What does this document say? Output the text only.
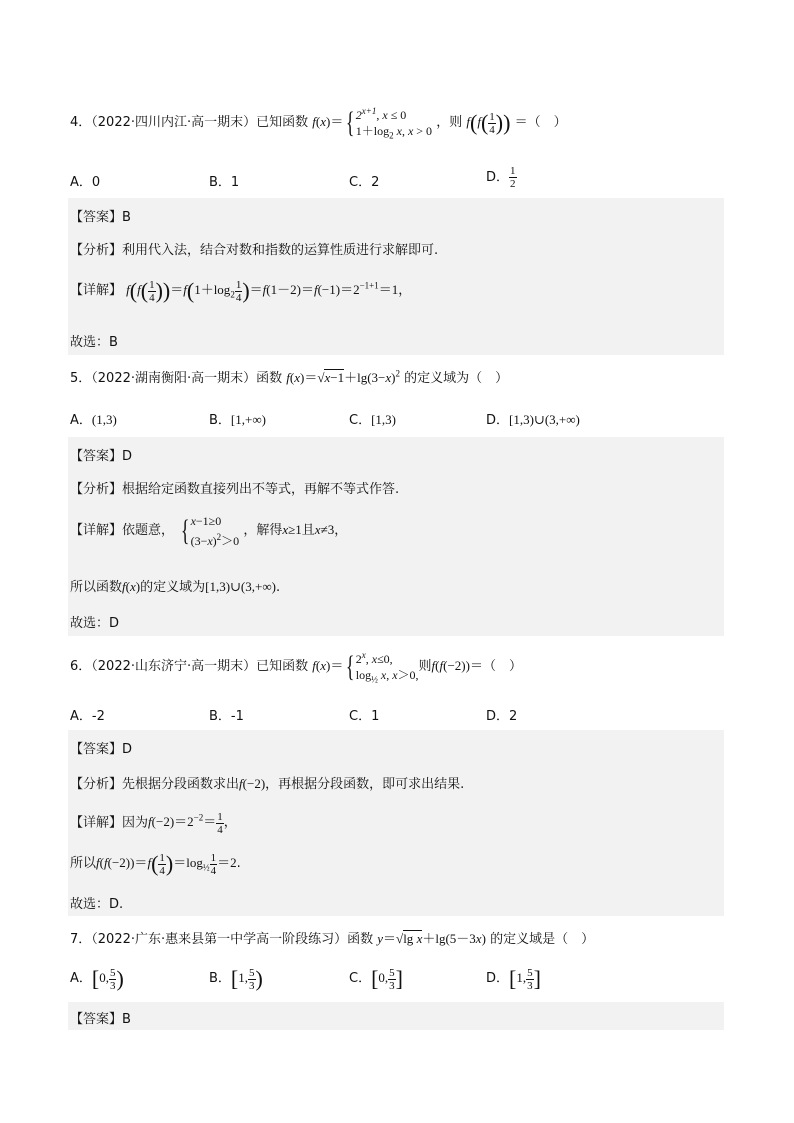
4．（2022·四川内江·高一期末）已知函数 f(x)＝{ $2^{x+1}$, x ≤ 0
$1+\log_2$ x, x > 0
，则 $f(f( \frac{1}{4}$ )) ＝（　）
A．0	B．1	C．2	D． $\frac{1}{2}$
【答案】B
【分析】利用代入法，结合对数和指数的运算性质进行求解即可.
【详解】 $f(f( \frac{1}{4} ))=f(1+\log_2 \frac{1}{4} )=f(1-2)=f(-1)=2^{-1+1}=1$，
故选：B
5．（2022·湖南衡阳·高一期末）函数 $f(x)=√x-1+\lg(3-x)^2$ 的定义域为（　）
A．(1,3)	B．[1,+∞)	C．[1,3)	D．[1,3)∪(3,+∞)
【答案】D
【分析】根据给定函数直接列出不等式，再解不等式作答.
【详解】依题意， { x−1≥0
$(3-x)^2>0$
，解得x≥1且x≠3，
所以函数f(x)的定义域为[1,3)∪(3,+∞).
故选：D
6．（2022·山东济宁·高一期末）已知函数 f(x)＝{ 2$^x$, x≤0,
$\log_{\frac{1}{2}} x$, x＞0,
则f(f(−2))＝（　）
A．-2	B．-1	C．1	D．2
【答案】D
【分析】先根据分段函数求出f(−2)，再根据分段函数，即可求出结果.
【详解】因为$f(-2)=2^{-2}= \frac{1}{4}$ ，
所以$f(f(-2))=f( \frac{1}{4} )=\log_{\frac{1}{2}} \frac{1}{4} =2$.
故选：D.
7．（2022·广东·惠来县第一中学高一阶段练习）函数 y＝√lg x＋lg(5－3x) 的定义域是（　）
A．[0, $\frac{5}{3}$ )	B．[1, $\frac{5}{3}$ )	C．[0, $\frac{5}{3}$ ]	D．[1, $\frac{5}{3}$ ]
【答案】B
